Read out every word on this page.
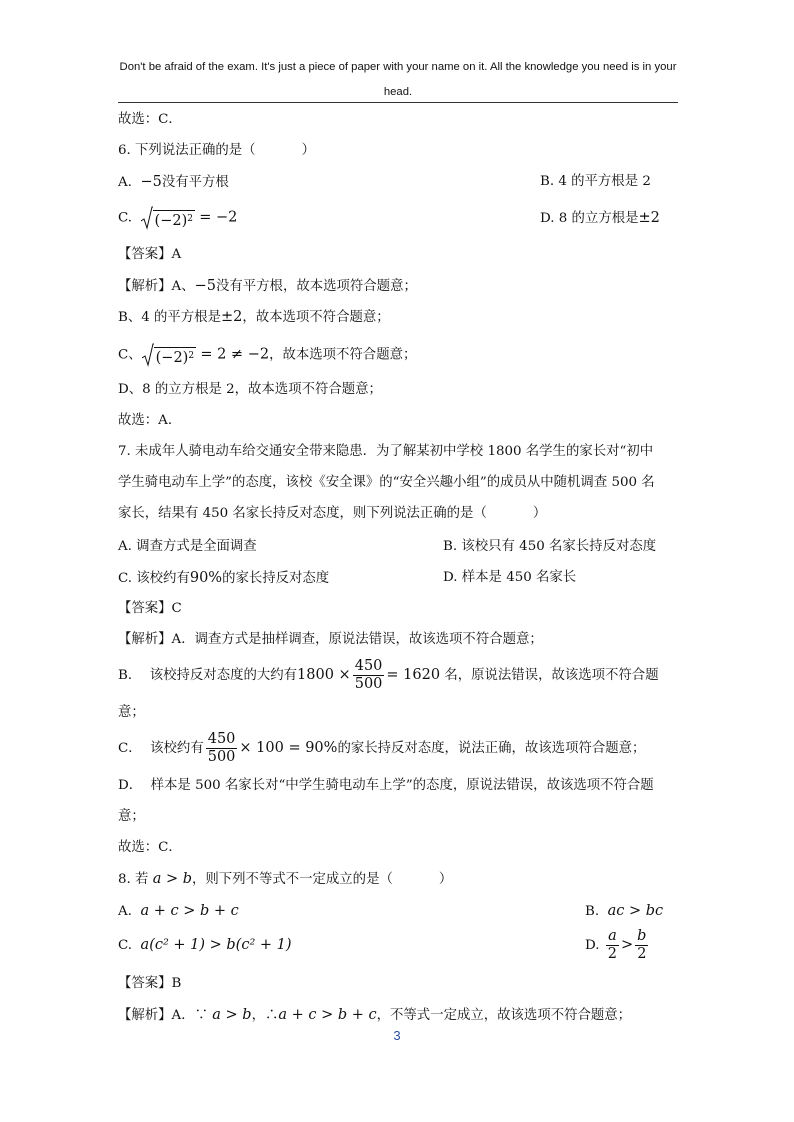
Don't be afraid of the exam. It's just a piece of paper with your name on it. All the knowledge you need is in your
head.
故选：C．
6. 下列说法正确的是（	）
A. −5没有平方根	B. 4 的平方根是 2
C. $(-2)^2 = -2$	D. 8 的立方根是±2
【答案】A
【解析】A、−5没有平方根，故本选项符合题意；
B、4 的平方根是±2，故本选项不符合题意；
C、 $(-2)^2 = 2 \ne -2$，故本选项不符合题意；
D、8 的立方根是 2，故本选项不符合题意；
故选：A．
7. 未成年人骑电动车给交通安全带来隐患．为了解某初中学校 1800 名学生的家长对“初中
学生骑电动车上学”的态度，该校《安全课》的“安全兴趣小组”的成员从中随机调查 500 名
家长，结果有 450 名家长持反对态度，则下列说法正确的是（	）
A. 调查方式是全面调查	B. 该校只有 450 名家长持反对态度
C. 该校约有90%的家长持反对态度	D. 样本是 450 名家长
【答案】C
【解析】A．调查方式是抽样调查，原说法错误，故该选项不符合题意；
B． 该校持反对态度的大约有$1800 \times \frac{450}{500} = 1620$ 名，原说法错误，故该选项不符合题
意；
C． 该校约有 $\frac{450}{500} \times 100 = 90\%$的家长持反对态度，说法正确，故该选项符合题意；
D． 样本是 500 名家长对“中学生骑电动车上学”的态度，原说法错误，故该选项不符合题
意；
故选：C．
8. 若 a > b，则下列不等式不一定成立的是（	）
A. a + c > b + c	B. ac > bc
C. a(c² + 1) > b(c² + 1)	D. $\frac{a}{2} > \frac{b}{2}$
【答案】B
【解析】A．∵ a > b，∴a + c > b + c，不等式一定成立，故该选项不符合题意；
3
